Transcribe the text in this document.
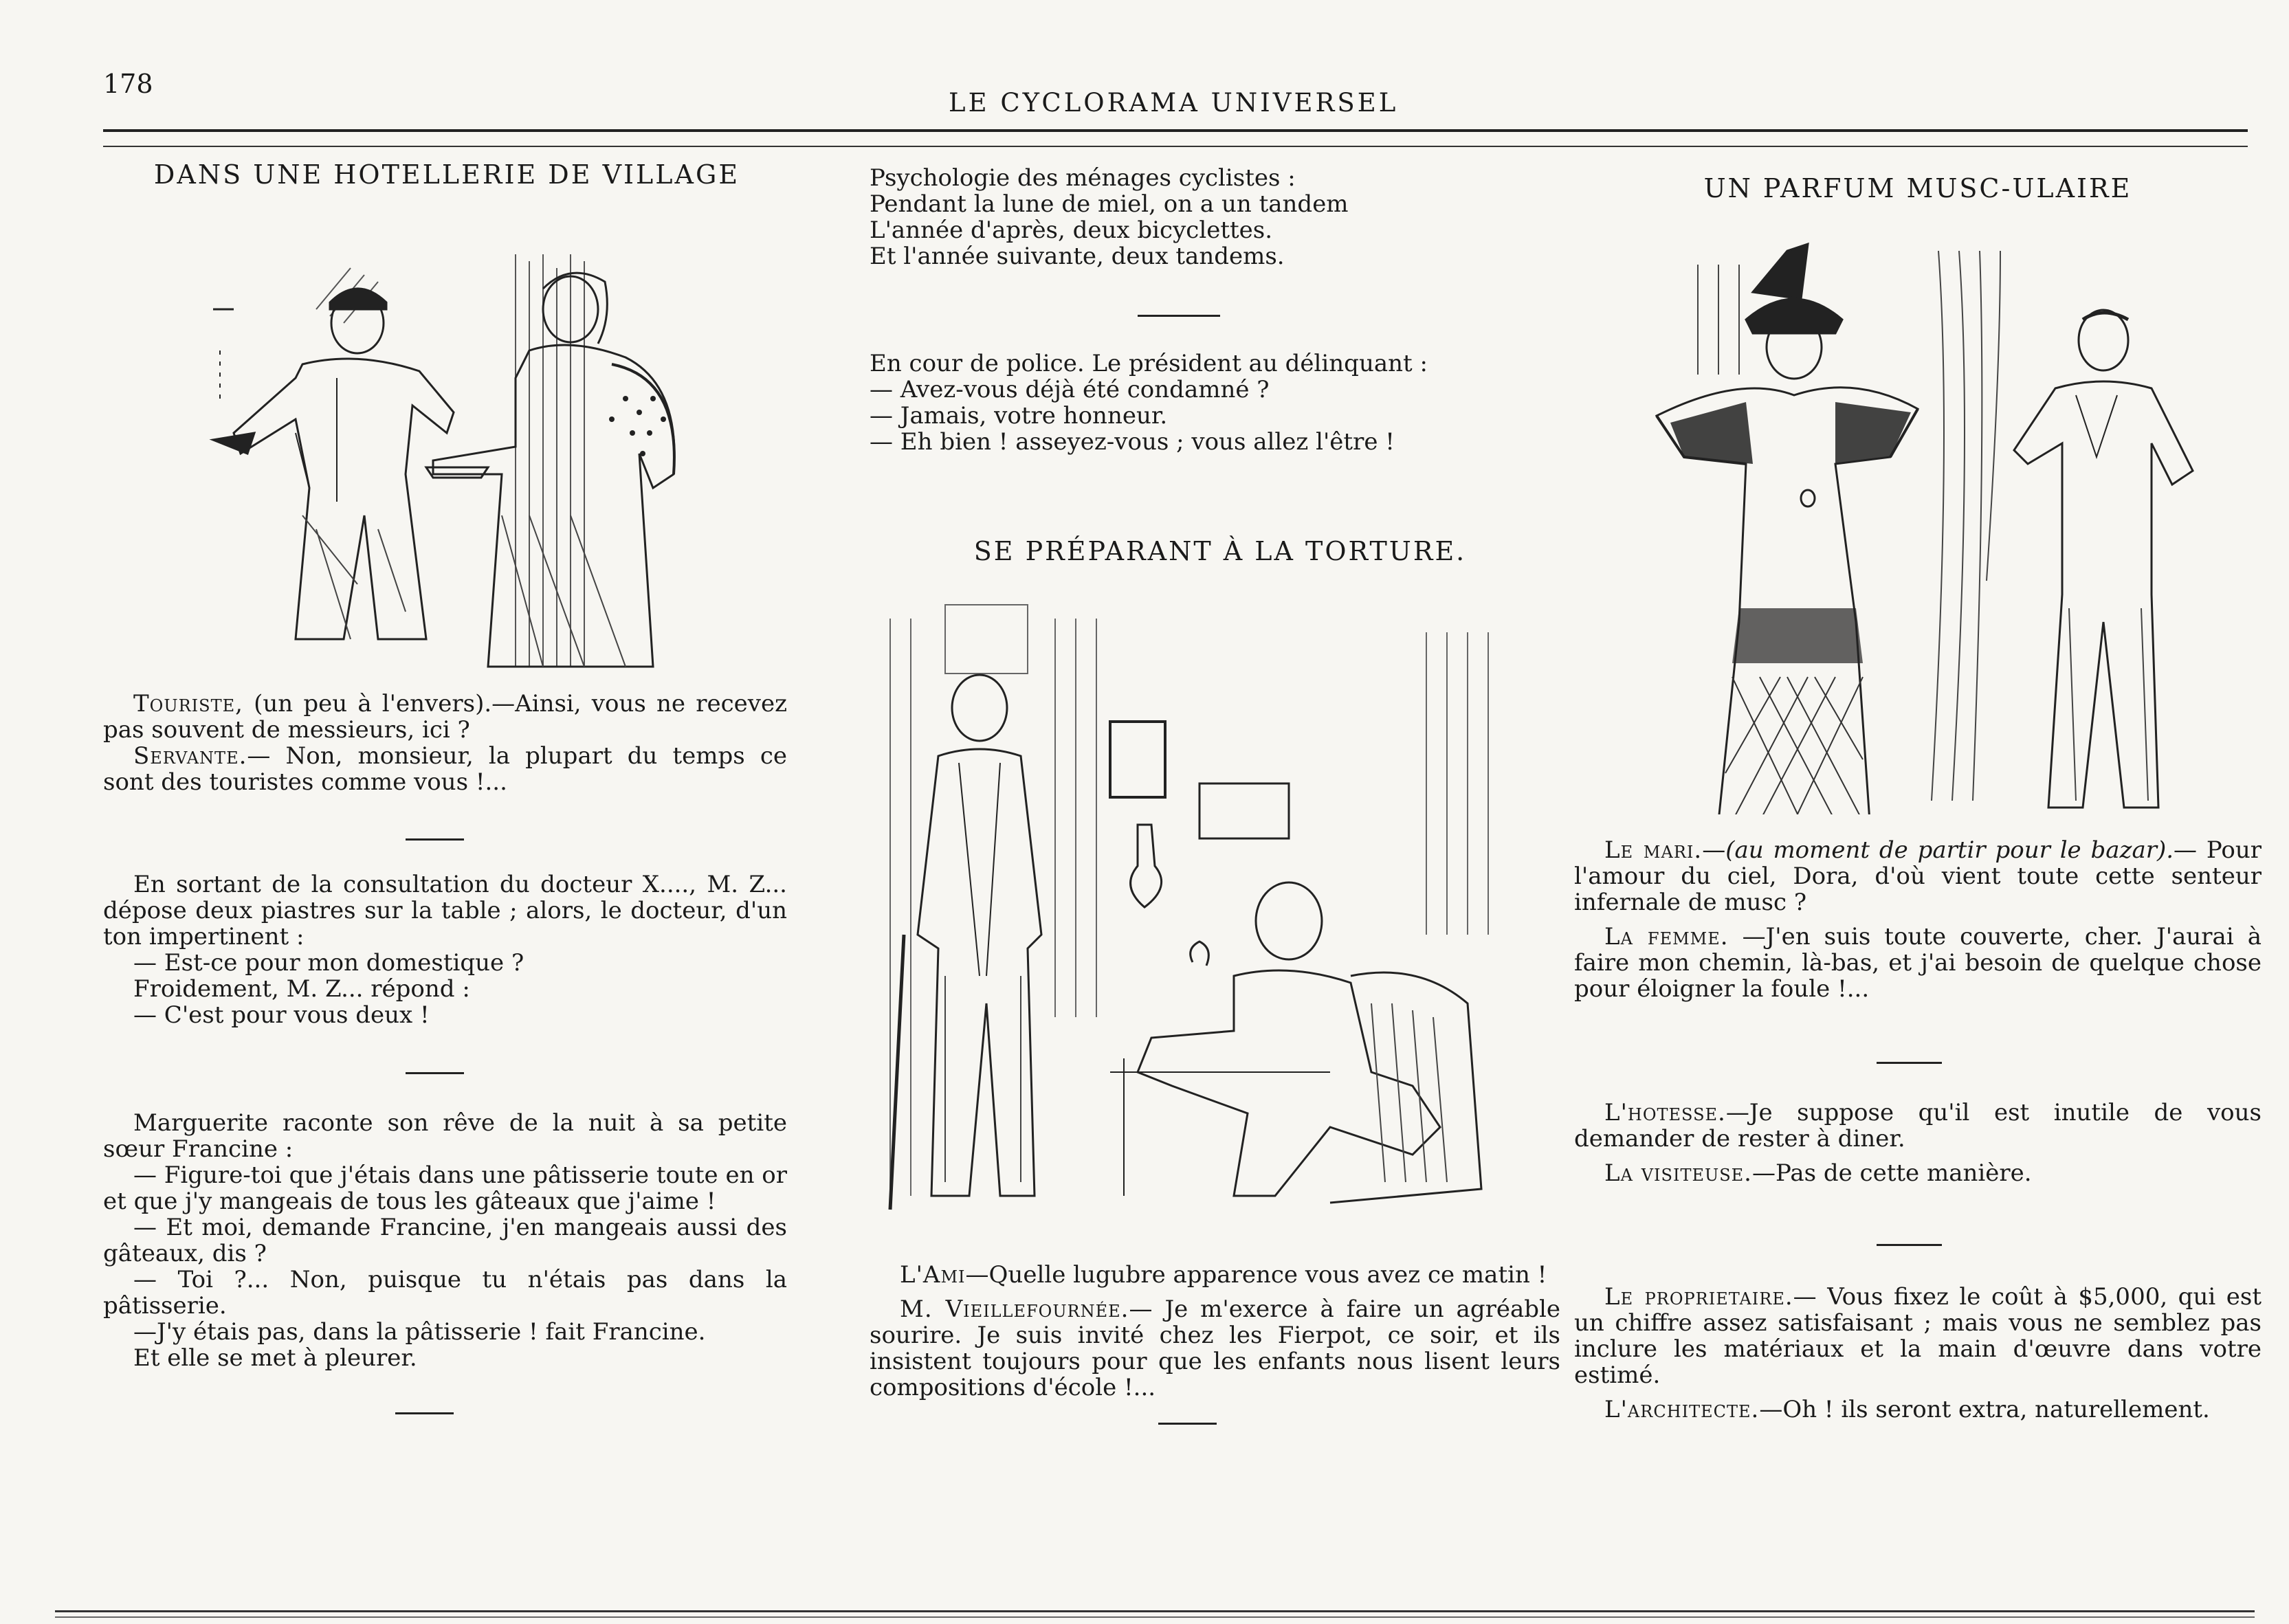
178
LE CYCLORAMA UNIVERSEL
DANS UNE HOTELLERIE DE VILLAGE

Touriste, (un peu à l'envers).—Ainsi, vous ne recevez pas souvent de messieurs, ici ?

Servante.— Non, monsieur, la plupart du temps ce sont des touristes comme vous !...

En sortant de la consultation du docteur X...., M. Z... dépose deux piastres sur la table ; alors, le docteur, d'un ton impertinent :

— Est-ce pour mon domestique ?

Froidement, M. Z... répond :

— C'est pour vous deux !

Marguerite raconte son rêve de la nuit à sa petite sœur Francine :

— Figure-toi que j'étais dans une pâtisserie toute en or et que j'y mangeais de tous les gâteaux que j'aime !

— Et moi, demande Francine, j'en mangeais aussi des gâteaux, dis ?

— Toi ?... Non, puisque tu n'étais pas dans la pâtisserie.

—J'y étais pas, dans la pâtisserie ! fait Francine.

Et elle se met à pleurer.

Psychologie des ménages cyclistes :

Pendant la lune de miel, on a un tandem

L'année d'après, deux bicyclettes.

Et l'année suivante, deux tandems.

En cour de police. Le président au délinquant :

— Avez-vous déjà été condamné ?

— Jamais, votre honneur.

— Eh bien ! asseyez-vous ; vous allez l'être !

SE PRÉPARANT À LA TORTURE.

L'Ami—Quelle lugubre apparence vous avez ce matin !

M. Vieillefournée.— Je m'exerce à faire un agréable sourire. Je suis invité chez les Fierpot, ce soir, et ils insistent toujours pour que les enfants nous lisent leurs compositions d'école !...

UN PARFUM MUSC-ULAIRE

Le mari.—(au moment de partir pour le bazar).— Pour l'amour du ciel, Dora, d'où vient toute cette senteur infernale de musc ?

La femme. —J'en suis toute couverte, cher. J'aurai à faire mon chemin, là-bas, et j'ai besoin de quelque chose pour éloigner la foule !...

L'hotesse.—Je suppose qu'il est inutile de vous demander de rester à diner.

La visiteuse.—Pas de cette manière.

Le proprietaire.— Vous fixez le coût à $5,000, qui est un chiffre assez satisfaisant ; mais vous ne semblez pas inclure les matériaux et la main d'œuvre dans votre estimé.

L'architecte.—Oh ! ils seront extra, naturellement.
